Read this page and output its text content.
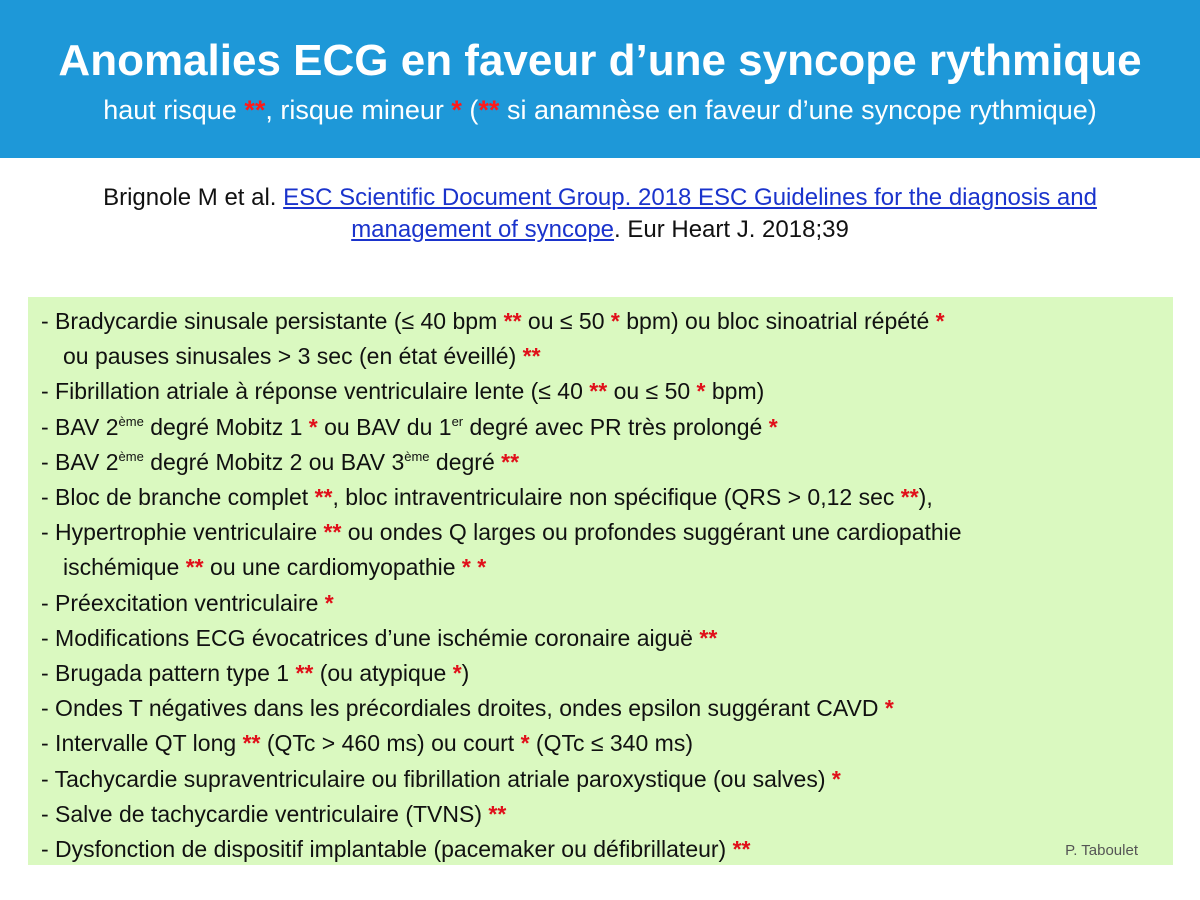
Anomalies ECG en faveur d’une syncope rythmique
haut risque **, risque mineur * (** si anamnèse en faveur d’une syncope rythmique)
Brignole M et al. ESC Scientific Document Group. 2018 ESC Guidelines for the diagnosis and management of syncope. Eur Heart J. 2018;39
- Bradycardie sinusale persistante (≤ 40 bpm ** ou ≤ 50 * bpm) ou bloc sinoatrial répété *
ou pauses sinusales > 3 sec (en état éveillé) **
- Fibrillation atriale à réponse ventriculaire lente (≤ 40 ** ou ≤ 50 * bpm)
- BAV 2ème degré Mobitz 1 * ou BAV du 1er degré avec PR très prolongé *
- BAV 2ème degré Mobitz 2 ou BAV 3ème degré **
- Bloc de branche complet **, bloc intraventriculaire non spécifique (QRS > 0,12 sec **),
- Hypertrophie ventriculaire ** ou ondes Q larges ou profondes suggérant une cardiopathie
ischémique ** ou une cardiomyopathie * *
- Préexcitation ventriculaire *
- Modifications ECG évocatrices d’une ischémie coronaire aiguë **
- Brugada pattern type 1 ** (ou atypique *)
- Ondes T négatives dans les précordiales droites, ondes epsilon suggérant CAVD *
- Intervalle QT long ** (QTc > 460 ms) ou court * (QTc ≤ 340 ms)
- Tachycardie supraventriculaire ou fibrillation atriale paroxystique (ou salves) *
- Salve de tachycardie ventriculaire (TVNS) **
- Dysfonction de dispositif implantable (pacemaker ou défibrillateur) **	P. Taboulet
